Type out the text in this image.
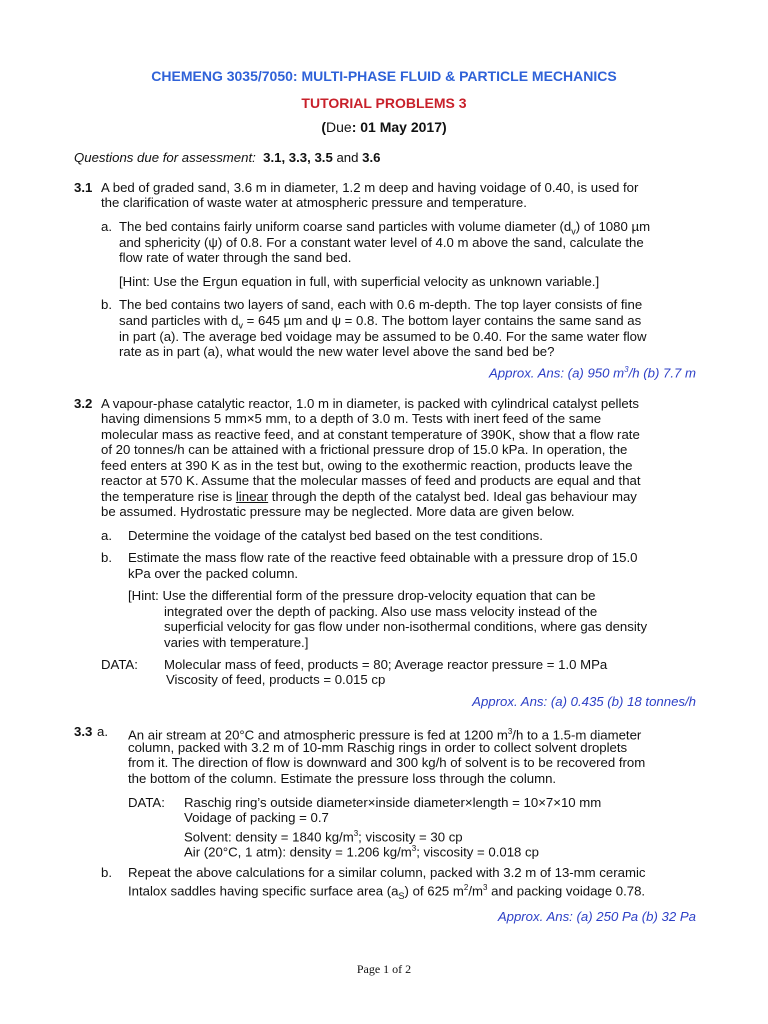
CHEMENG 3035/7050: MULTI-PHASE FLUID & PARTICLE MECHANICS
TUTORIAL PROBLEMS 3
(Due: 01 May 2017)
Questions due for assessment: 3.1, 3.3, 3.5 and 3.6
3.1 A bed of graded sand, 3.6 m in diameter, 1.2 m deep and having voidage of 0.40, is used for
the clarification of waste water at atmospheric pressure and temperature.
a. The bed contains fairly uniform coarse sand particles with volume diameter $(d_v)$ of 1080 µm
and sphericity (ψ) of 0.8. For a constant water level of 4.0 m above the sand, calculate the
flow rate of water through the sand bed.
[Hint: Use the Ergun equation in full, with superficial velocity as unknown variable.]
b. The bed contains two layers of sand, each with 0.6 m-depth. The top layer consists of fine
sand particles with $d_v = 645$ µm and ψ = 0.8. The bottom layer contains the same sand as
in part (a). The average bed voidage may be assumed to be 0.40. For the same water flow
rate as in part (a), what would the new water level above the sand bed be?
Approx. Ans: (a) 950 $m^3/h$ (b) 7.7 m
3.2 A vapour-phase catalytic reactor, 1.0 m in diameter, is packed with cylindrical catalyst pellets
having dimensions 5 mm×5 mm, to a depth of 3.0 m. Tests with inert feed of the same
molecular mass as reactive feed, and at constant temperature of 390K, show that a flow rate
of 20 tonnes/h can be attained with a frictional pressure drop of 15.0 kPa. In operation, the
feed enters at 390 K as in the test but, owing to the exothermic reaction, products leave the
reactor at 570 K. Assume that the molecular masses of feed and products are equal and that
the temperature rise is linear through the depth of the catalyst bed. Ideal gas behaviour may
be assumed. Hydrostatic pressure may be neglected. More data are given below.
a. Determine the voidage of the catalyst bed based on the test conditions.
b. Estimate the mass flow rate of the reactive feed obtainable with a pressure drop of 15.0
kPa over the packed column.
[Hint: Use the differential form of the pressure drop-velocity equation that can be
integrated over the depth of packing. Also use mass velocity instead of the
superficial velocity for gas flow under non-isothermal conditions, where gas density
varies with temperature.]
DATA: Molecular mass of feed, products = 80; Average reactor pressure = 1.0 MPa
Viscosity of feed, products = 0.015 cp
Approx. Ans: (a) 0.435 (b) 18 tonnes/h
3.3 a. An air stream at 20°C and atmospheric pressure is fed at 1200 $m^3/h$ to a 1.5-m diameter
column, packed with 3.2 m of 10-mm Raschig rings in order to collect solvent droplets
from it. The direction of flow is downward and 300 kg/h of solvent is to be recovered from
the bottom of the column. Estimate the pressure loss through the column.
DATA: Raschig ring’s outside diameter×inside diameter×length = 10×7×10 mm
Voidage of packing = 0.7
Solvent: density = 1840 $kg/m^3$; viscosity = 30 cp
Air (20°C, 1 atm): density = 1.206 $kg/m^3$; viscosity = 0.018 cp
b. Repeat the above calculations for a similar column, packed with 3.2 m of 13-mm ceramic
Intalox saddles having specific surface area $(a_S)$ of 625 $m^2/m^3$ and packing voidage 0.78.
Approx. Ans: (a) 250 Pa (b) 32 Pa
Page 1 of 2
